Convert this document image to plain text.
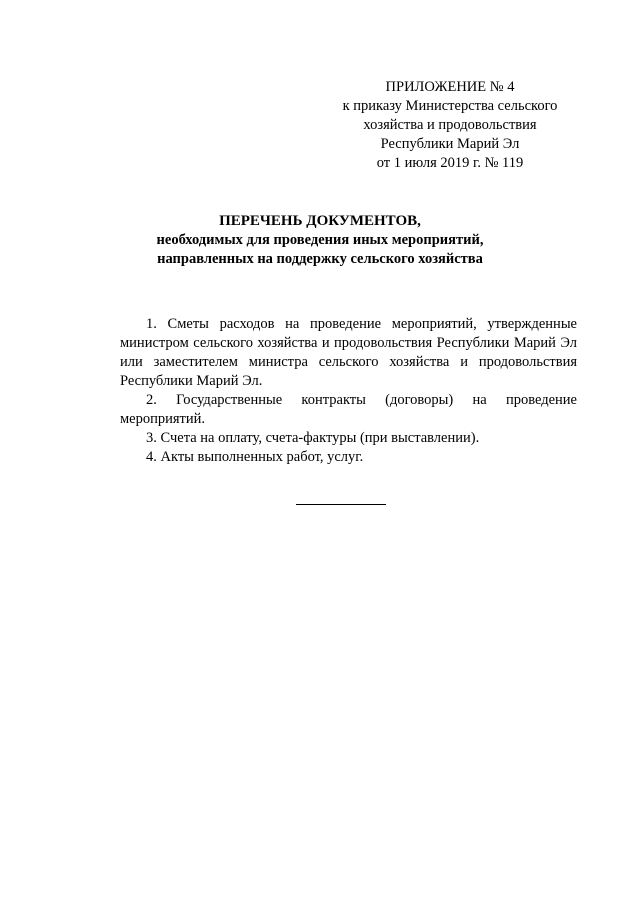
ПРИЛОЖЕНИЕ № 4
к приказу Министерства сельского
хозяйства и продовольствия
Республики Марий Эл
от 1 июля 2019 г. № 119
ПЕРЕЧЕНЬ ДОКУМЕНТОВ,
необходимых для проведения иных мероприятий,
направленных на поддержку сельского хозяйства

1. Сметы расходов на проведение мероприятий, утвержденные министром сельского хозяйства и продовольствия Республики Марий Эл или заместителем министра сельского хозяйства и продовольствия Республики Марий Эл.

2. Государственные контракты (договоры) на проведение мероприятий.

3. Счета на оплату, счета-фактуры (при выставлении).

4. Акты выполненных работ, услуг.
